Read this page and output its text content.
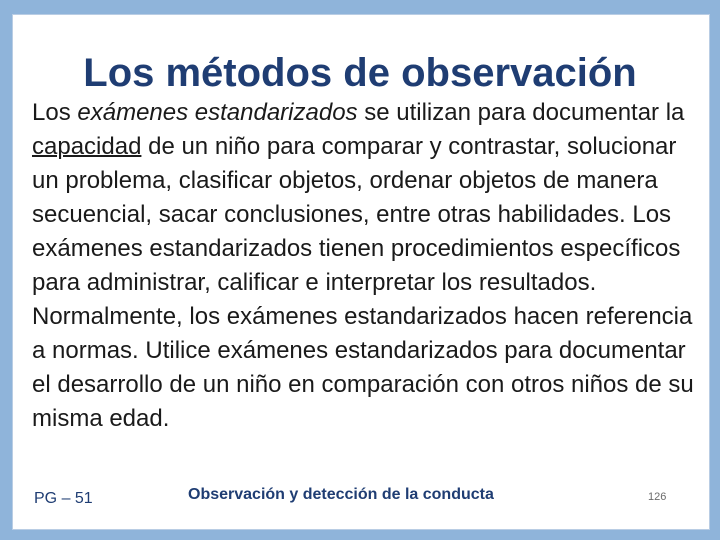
Los métodos de observación

Los exámenes estandarizados se utilizan para documentar la capacidad de un niño para comparar y contrastar, solucionar un problema, clasificar objetos, ordenar objetos de manera secuencial, sacar conclusiones, entre otras habilidades. Los exámenes estandarizados tienen procedimientos específicos para administrar, calificar e interpretar los resultados. Normalmente, los exámenes estandarizados hacen referencia a normas. Utilice exámenes estandarizados para documentar el desarrollo de un niño en comparación con otros niños de su misma edad.

PG – 51	Observación y detección de la conducta	126
